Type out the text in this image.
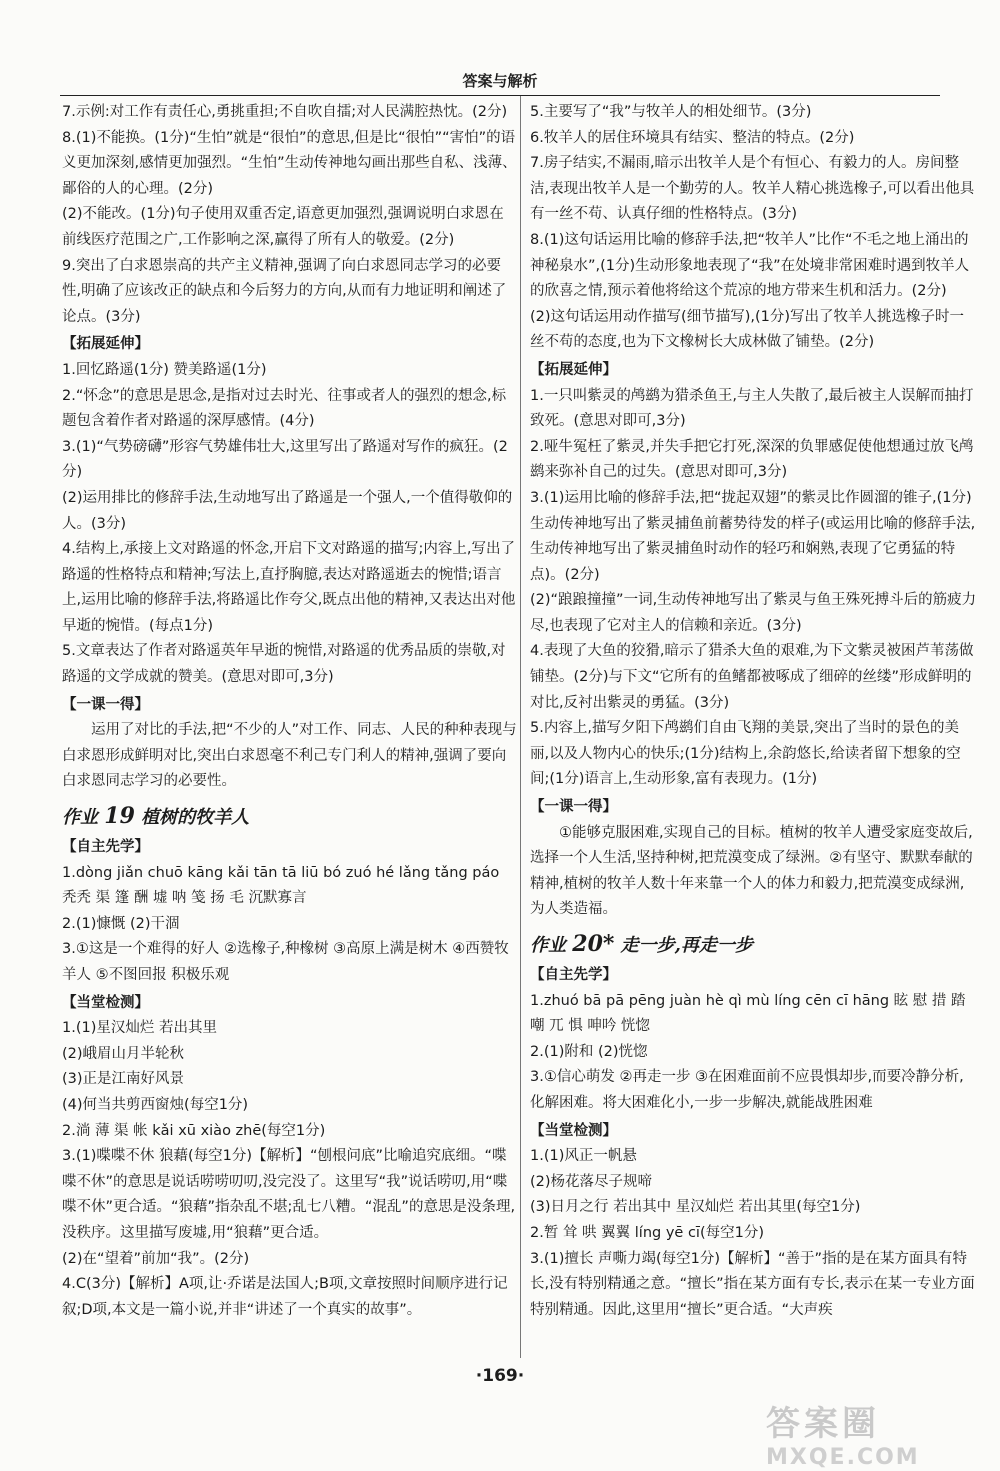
答案与解析

7.示例:对工作有责任心,勇挑重担;不自吹自擂;对人民满腔热忱。(2分)

8.(1)不能换。(1分)“生怕”就是“很怕”的意思,但是比“很怕”“害怕”的语义更加深刻,感情更加强烈。“生怕”生动传神地勾画出那些自私、浅薄、鄙俗的人的心理。(2分)

(2)不能改。(1分)句子使用双重否定,语意更加强烈,强调说明白求恩在前线医疗范围之广,工作影响之深,赢得了所有人的敬爱。(2分)

9.突出了白求恩崇高的共产主义精神,强调了向白求恩同志学习的必要性,明确了应该改正的缺点和今后努力的方向,从而有力地证明和阐述了论点。(3分)

【拓展延伸】

1.回忆路遥(1分) 赞美路遥(1分)

2.“怀念”的意思是思念,是指对过去时光、往事或者人的强烈的想念,标题包含着作者对路遥的深厚感情。(4分)

3.(1)“气势磅礴”形容气势雄伟壮大,这里写出了路遥对写作的疯狂。(2分)

(2)运用排比的修辞手法,生动地写出了路遥是一个强人,一个值得敬仰的人。(3分)

4.结构上,承接上文对路遥的怀念,开启下文对路遥的描写;内容上,写出了路遥的性格特点和精神;写法上,直抒胸臆,表达对路遥逝去的惋惜;语言上,运用比喻的修辞手法,将路遥比作夸父,既点出他的精神,又表达出对他早逝的惋惜。(每点1分)

5.文章表达了作者对路遥英年早逝的惋惜,对路遥的优秀品质的崇敬,对路遥的文学成就的赞美。(意思对即可,3分)

【一课一得】

运用了对比的手法,把“不少的人”对工作、同志、人民的种种表现与白求恩形成鲜明对比,突出白求恩毫不利己专门利人的精神,强调了要向白求恩同志学习的必要性。

作业 19 植树的牧羊人

【自主先学】

1.dòng jiǎn chuō kāng kǎi tān tā liū bó zuó hé lǎng tǎng páo 秃秃 渠 篷 酬 墟 呐 笺 扬 毛 沉默寡言

2.(1)慷慨 (2)干涸

3.①这是一个难得的好人 ②选橡子,种橡树 ③高原上满是树木 ④西赞牧羊人 ⑤不图回报 积极乐观

【当堂检测】

1.(1)星汉灿烂 若出其里

(2)峨眉山月半轮秋

(3)正是江南好风景

(4)何当共剪西窗烛(每空1分)

2.淌 薄 渠 帐 kǎi xū xiào zhē(每空1分)

3.(1)喋喋不休 狼藉(每空1分)【解析】“刨根问底”比喻追究底细。“喋喋不休”的意思是说话唠唠叨叨,没完没了。这里写“我”说话唠叨,用“喋喋不休”更合适。“狼藉”指杂乱不堪;乱七八糟。“混乱”的意思是没条理,没秩序。这里描写废墟,用“狼藉”更合适。

(2)在“望着”前加“我”。(2分)

4.C(3分)【解析】A项,让·乔诺是法国人;B项,文章按照时间顺序进行记叙;D项,本文是一篇小说,并非“讲述了一个真实的故事”。

5.主要写了“我”与牧羊人的相处细节。(3分)

6.牧羊人的居住环境具有结实、整洁的特点。(2分)

7.房子结实,不漏雨,暗示出牧羊人是个有恒心、有毅力的人。房间整洁,表现出牧羊人是一个勤劳的人。牧羊人精心挑选橡子,可以看出他具有一丝不苟、认真仔细的性格特点。(3分)

8.(1)这句话运用比喻的修辞手法,把“牧羊人”比作“不毛之地上涌出的神秘泉水”,(1分)生动形象地表现了“我”在处境非常困难时遇到牧羊人的欣喜之情,预示着他将给这个荒凉的地方带来生机和活力。(2分)

(2)这句话运用动作描写(细节描写),(1分)写出了牧羊人挑选橡子时一丝不苟的态度,也为下文橡树长大成林做了铺垫。(2分)

【拓展延伸】

1.一只叫紫灵的鸬鹚为猎杀鱼王,与主人失散了,最后被主人误解而抽打致死。(意思对即可,3分)

2.哑牛冤枉了紫灵,并失手把它打死,深深的负罪感促使他想通过放飞鸬鹚来弥补自己的过失。(意思对即可,3分)

3.(1)运用比喻的修辞手法,把“拢起双翅”的紫灵比作圆溜的锥子,(1分)生动传神地写出了紫灵捕鱼前蓄势待发的样子(或运用比喻的修辞手法,生动传神地写出了紫灵捕鱼时动作的轻巧和娴熟,表现了它勇猛的特点)。(2分)

(2)“踉踉撞撞”一词,生动传神地写出了紫灵与鱼王殊死搏斗后的筋疲力尽,也表现了它对主人的信赖和亲近。(3分)

4.表现了大鱼的狡猾,暗示了猎杀大鱼的艰难,为下文紫灵被困芦苇荡做铺垫。(2分)与下文“它所有的鱼鳍都被啄成了细碎的丝缕”形成鲜明的对比,反衬出紫灵的勇猛。(3分)

5.内容上,描写夕阳下鸬鹚们自由飞翔的美景,突出了当时的景色的美丽,以及人物内心的快乐;(1分)结构上,余韵悠长,给读者留下想象的空间;(1分)语言上,生动形象,富有表现力。(1分)

【一课一得】

①能够克服困难,实现自己的目标。植树的牧羊人遭受家庭变故后,选择一个人生活,坚持种树,把荒漠变成了绿洲。②有坚守、默默奉献的精神,植树的牧羊人数十年来靠一个人的体力和毅力,把荒漠变成绿洲,为人类造福。

作业 20* 走一步,再走一步

【自主先学】

1.zhuó bā pā pēng juàn hè qì mù líng cēn cī hāng 眩 慰 措 踏 嘲 兀 惧 呻吟 恍惚

2.(1)附和 (2)恍惚

3.①信心萌发 ②再走一步 ③在困难面前不应畏惧却步,而要冷静分析,化解困难。将大困难化小,一步一步解决,就能战胜困难

【当堂检测】

1.(1)风正一帆悬

(2)杨花落尽子规啼

(3)日月之行 若出其中 星汉灿烂 若出其里(每空1分)

2.暂 耸 哄 翼翼 líng yē cī(每空1分)

3.(1)擅长 声嘶力竭(每空1分)【解析】“善于”指的是在某方面具有特长,没有特别精通之意。“擅长”指在某方面有专长,表示在某一专业方面特别精通。因此,这里用“擅长”更合适。“大声疾

·169·
答案圈
MXQE.COM
